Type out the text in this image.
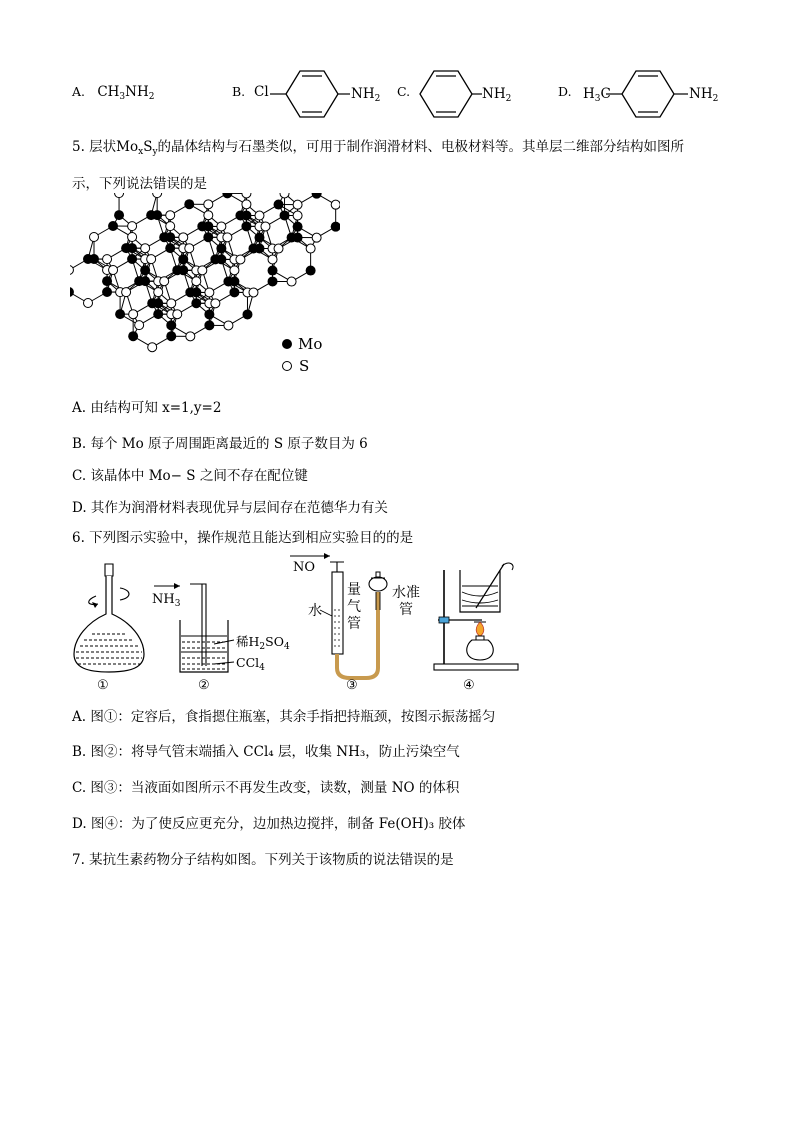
A. $CH_3NH_2$	B. Cl	$NH_2$ C.	$NH_2$	D. $H_3C$	$NH_2$
5. 层状$Mo_xS_y$的晶体结构与石墨类似，可用于制作润滑材料、电极材料等。其单层二维部分结构如图所
示，下列说法错误的是
Mo
S
A. 由结构可知 x=1,y=2
B. 每个 Mo 原子周围距离最近的 S 原子数目为 6
C. 该晶体中 Mo− S 之间不存在配位键
D. 其作为润滑材料表现优异与层间存在范德华力有关
6. 下列图示实验中，操作规范且能达到相应实验目的的是
①
$NH_3$
稀$H_2SO_4$
CCl$_4$
②
NO
水
量气管
水准管
③	④
A. 图①：定容后，食指摁住瓶塞，其余手指把持瓶颈，按图示振荡摇匀
B. 图②：将导气管末端插入 CCl₄ 层，收集 NH₃，防止污染空气
C. 图③：当液面如图所示不再发生改变，读数，测量 NO 的体积
D. 图④：为了使反应更充分，边加热边搅拌，制备 Fe(OH)₃ 胶体
7. 某抗生素药物分子结构如图。下列关于该物质的说法错误的是
